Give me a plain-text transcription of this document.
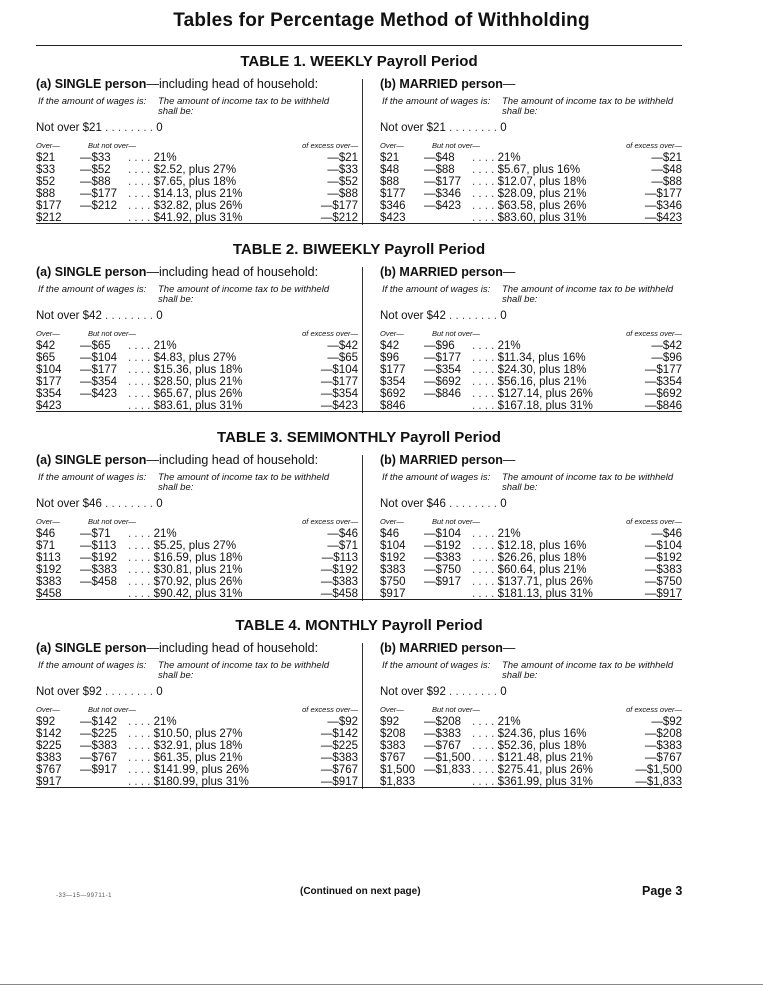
Tables for Percentage Method of Withholding
TABLE 1. WEEKLY Payroll Period
(a) SINGLE person—including head of household:
If the amount of wages is: The amount of income tax to be withheld shall be:
Not over $21 . . . . . . . . 0
Over—	But not over—	of excess over—
$21 —$33 . . . . 21%	—$21
$33 —$52 . . . . $2.52, plus 27%	—$33
$52 —$88 . . . . $7.65, plus 18%	—$52
$88 —$177 . . . . $14.13, plus 21%	—$88
$177 —$212 . . . . $32.82, plus 26%	—$177
$212	. . . . $41.92, plus 31%	—$212
(b) MARRIED person—
If the amount of wages is: The amount of income tax to be withheld shall be:
Not over $21 . . . . . . . . 0
Over—	But not over—	of excess over—
$21 —$48 . . . . 21%	—$21
$48 —$88 . . . . $5.67, plus 16%	—$48
$88 —$177 . . . . $12.07, plus 18%	—$88
$177 —$346 . . . . $28.09, plus 21%	—$177
$346 —$423 . . . . $63.58, plus 26%	—$346
$423	. . . . $83.60, plus 31%	—$423
TABLE 2. BIWEEKLY Payroll Period
(a) SINGLE person—including head of household:
If the amount of wages is: The amount of income tax to be withheld shall be:
Not over $42 . . . . . . . . 0
Over—	But not over—	of excess over—
$42 —$65 . . . . 21%	—$42
$65 —$104 . . . . $4.83, plus 27%	—$65
$104 —$177 . . . . $15.36, plus 18%	—$104
$177 —$354 . . . . $28.50, plus 21%	—$177
$354 —$423 . . . . $65.67, plus 26%	—$354
$423	. . . . $83.61, plus 31%	—$423
(b) MARRIED person—
If the amount of wages is: The amount of income tax to be withheld shall be:
Not over $42 . . . . . . . . 0
Over—	But not over—	of excess over—
$42 —$96 . . . . 21%	—$42
$96 —$177 . . . . $11.34, plus 16%	—$96
$177 —$354 . . . . $24.30, plus 18%	—$177
$354 —$692 . . . . $56.16, plus 21%	—$354
$692 —$846 . . . . $127.14, plus 26%	—$692
$846	. . . . $167.18, plus 31%	—$846
TABLE 3. SEMIMONTHLY Payroll Period
(a) SINGLE person—including head of household:
If the amount of wages is: The amount of income tax to be withheld shall be:
Not over $46 . . . . . . . . 0
Over—	But not over—	of excess over—
$46 —$71 . . . . 21%	—$46
$71 —$113 . . . . $5.25, plus 27%	—$71
$113 —$192 . . . . $16.59, plus 18%	—$113
$192 —$383 . . . . $30.81, plus 21%	—$192
$383 —$458 . . . . $70.92, plus 26%	—$383
$458	. . . . $90.42, plus 31%	—$458
(b) MARRIED person—
If the amount of wages is: The amount of income tax to be withheld shall be:
Not over $46 . . . . . . . . 0
Over—	But not over—	of excess over—
$46 —$104 . . . . 21%	—$46
$104 —$192 . . . . $12.18, plus 16%	—$104
$192 —$383 . . . . $26.26, plus 18%	—$192
$383 —$750 . . . . $60.64, plus 21%	—$383
$750 —$917 . . . . $137.71, plus 26%	—$750
$917	. . . . $181.13, plus 31%	—$917
TABLE 4. MONTHLY Payroll Period
(a) SINGLE person—including head of household:
If the amount of wages is: The amount of income tax to be withheld shall be:
Not over $92 . . . . . . . . 0
Over—	But not over—	of excess over—
$92 —$142 . . . . 21%	—$92
$142 —$225 . . . . $10.50, plus 27%	—$142
$225 —$383 . . . . $32.91, plus 18%	—$225
$383 —$767 . . . . $61.35, plus 21%	—$383
$767 —$917 . . . . $141.99, plus 26%	—$767
$917	. . . . $180.99, plus 31%	—$917
(b) MARRIED person—
If the amount of wages is: The amount of income tax to be withheld shall be:
Not over $92 . . . . . . . . 0
Over—	But not over—	of excess over—
$92 —$208 . . . . 21%	—$92
$208 —$383 . . . . $24.36, plus 16%	—$208
$383 —$767 . . . . $52.36, plus 18%	—$383
$767 —$1,500 . . . . $121.48, plus 21%	—$767
$1,500 —$1,833 . . . . $275.41, plus 26%	—$1,500
$1,833	. . . . $361.99, plus 31%	—$1,833
-33—15—99711-1	(Continued on next page)	Page 3
